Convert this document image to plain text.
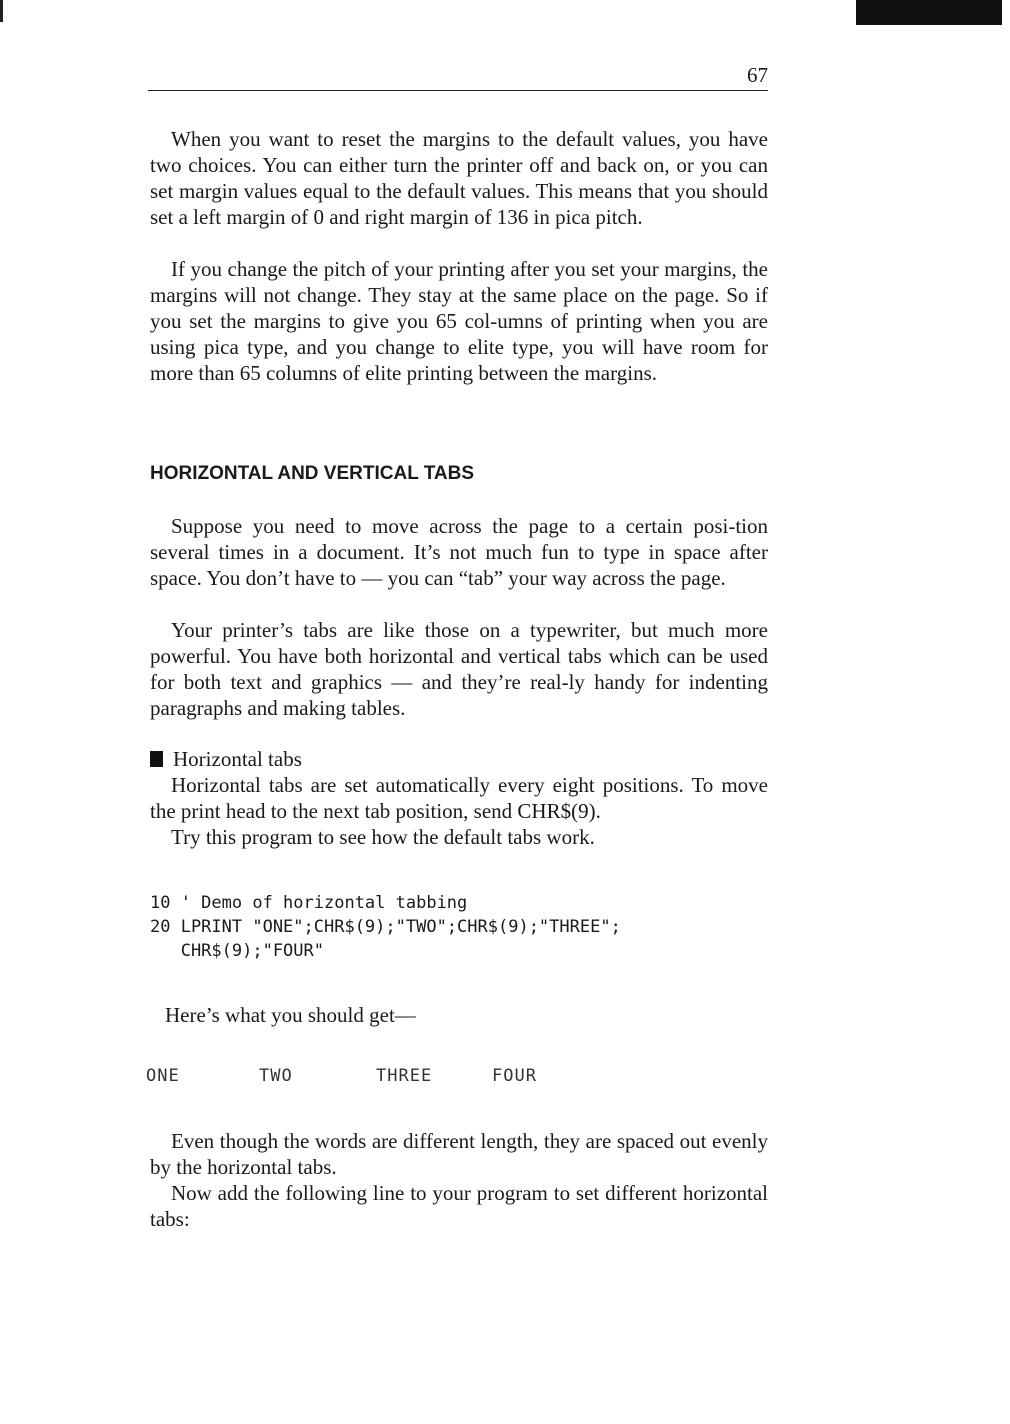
67

When you want to reset the margins to the default values, you have two choices. You can either turn the printer off and back on, or you can set margin values equal to the default values. This means that you should set a left margin of 0 and right margin of 136 in pica pitch.

If you change the pitch of your printing after you set your margins, the margins will not change. They stay at the same place on the page. So if you set the margins to give you 65 col-umns of printing when you are using pica type, and you change to elite type, you will have room for more than 65 columns of elite printing between the margins.

HORIZONTAL AND VERTICAL TABS

Suppose you need to move across the page to a certain posi-tion several times in a document. It’s not much fun to type in space after space. You don’t have to — you can “tab” your way across the page.

Your printer’s tabs are like those on a typewriter, but much more powerful. You have both horizontal and vertical tabs which can be used for both text and graphics — and they’re real-ly handy for indenting paragraphs and making tables.

Horizontal tabs

Horizontal tabs are set automatically every eight positions. To move the print head to the next tab position, send CHR$(9).

Try this program to see how the default tabs work.

10 ' Demo of horizontal tabbing
20 LPRINT "ONE";CHR$(9);"TWO";CHR$(9);"THREE";
CHR$(9);"FOUR"

Here’s what you should get—

ONE	TWO	THREE	FOUR

Even though the words are different length, they are spaced out evenly by the horizontal tabs.

Now add the following line to your program to set different horizontal tabs:
